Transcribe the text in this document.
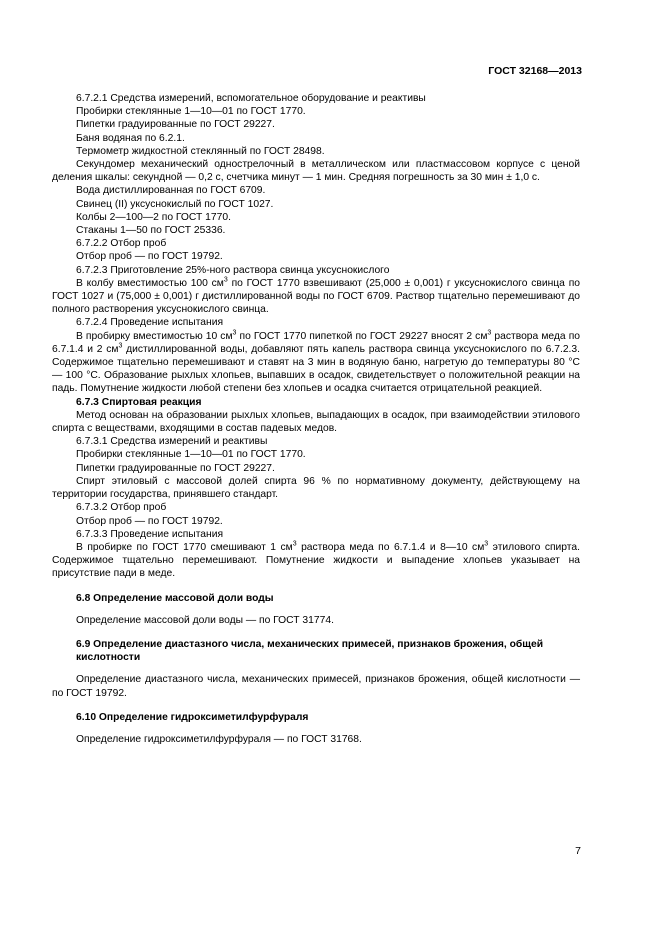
ГОСТ 32168—2013

6.7.2.1 Средства измерений, вспомогательное оборудование и реактивы

Пробирки стеклянные 1—10—01 по ГОСТ 1770.

Пипетки градуированные по ГОСТ 29227.

Баня водяная по 6.2.1.

Термометр жидкостной стеклянный по ГОСТ 28498.

Секундомер механический однострелочный в металлическом или пластмассовом корпусе с ценой деления шкалы: секундной — 0,2 с, счетчика минут — 1 мин. Средняя погрешность за 30 мин ± 1,0 с.

Вода дистиллированная по ГОСТ 6709.

Свинец (II) уксуснокислый по ГОСТ 1027.

Колбы 2—100—2 по ГОСТ 1770.

Стаканы 1—50 по ГОСТ 25336.

6.7.2.2 Отбор проб

Отбор проб — по ГОСТ 19792.

6.7.2.3 Приготовление 25%-ного раствора свинца уксуснокислого

В колбу вместимостью 100 $см^3$ по ГОСТ 1770 взвешивают (25,000 ± 0,001) г уксуснокислого свинца по ГОСТ 1027 и (75,000 ± 0,001) г дистиллированной воды по ГОСТ 6709. Раствор тщательно перемешивают до полного растворения уксуснокислого свинца.

6.7.2.4 Проведение испытания

В пробирку вместимостью 10 $см^3$ по ГОСТ 1770 пипеткой по ГОСТ 29227 вносят 2 $см^3$ раствора меда по 6.7.1.4 и 2 $см^3$ дистиллированной воды, добавляют пять капель раствора свинца уксуснокислого по 6.7.2.3. Содержимое тщательно перемешивают и ставят на 3 мин в водяную баню, нагретую до температуры 80 °С — 100 °С. Образование рыхлых хлопьев, выпавших в осадок, свидетельствует о положительной реакции на падь. Помутнение жидкости любой степени без хлопьев и осадка считается отрицательной реакцией.

6.7.3 Спиртовая реакция

Метод основан на образовании рыхлых хлопьев, выпадающих в осадок, при взаимодействии этилового спирта с веществами, входящими в состав падевых медов.

6.7.3.1 Средства измерений и реактивы

Пробирки стеклянные 1—10—01 по ГОСТ 1770.

Пипетки градуированные по ГОСТ 29227.

Спирт этиловый с массовой долей спирта 96 % по нормативному документу, действующему на территории государства, принявшего стандарт.

6.7.3.2 Отбор проб

Отбор проб — по ГОСТ 19792.

6.7.3.3 Проведение испытания

В пробирке по ГОСТ 1770 смешивают 1 $см^3$ раствора меда по 6.7.1.4 и 8—10 $см^3$ этилового спирта. Содержимое тщательно перемешивают. Помутнение жидкости и выпадение хлопьев указывает на присутствие пади в меде.

6.8 Определение массовой доли воды

Определение массовой доли воды — по ГОСТ 31774.

6.9 Определение диастазного числа, механических примесей, признаков брожения, общей кислотности

Определение диастазного числа, механических примесей, признаков брожения, общей кислотности — по ГОСТ 19792.

6.10 Определение гидроксиметилфурфураля

Определение гидроксиметилфурфураля — по ГОСТ 31768.

7
